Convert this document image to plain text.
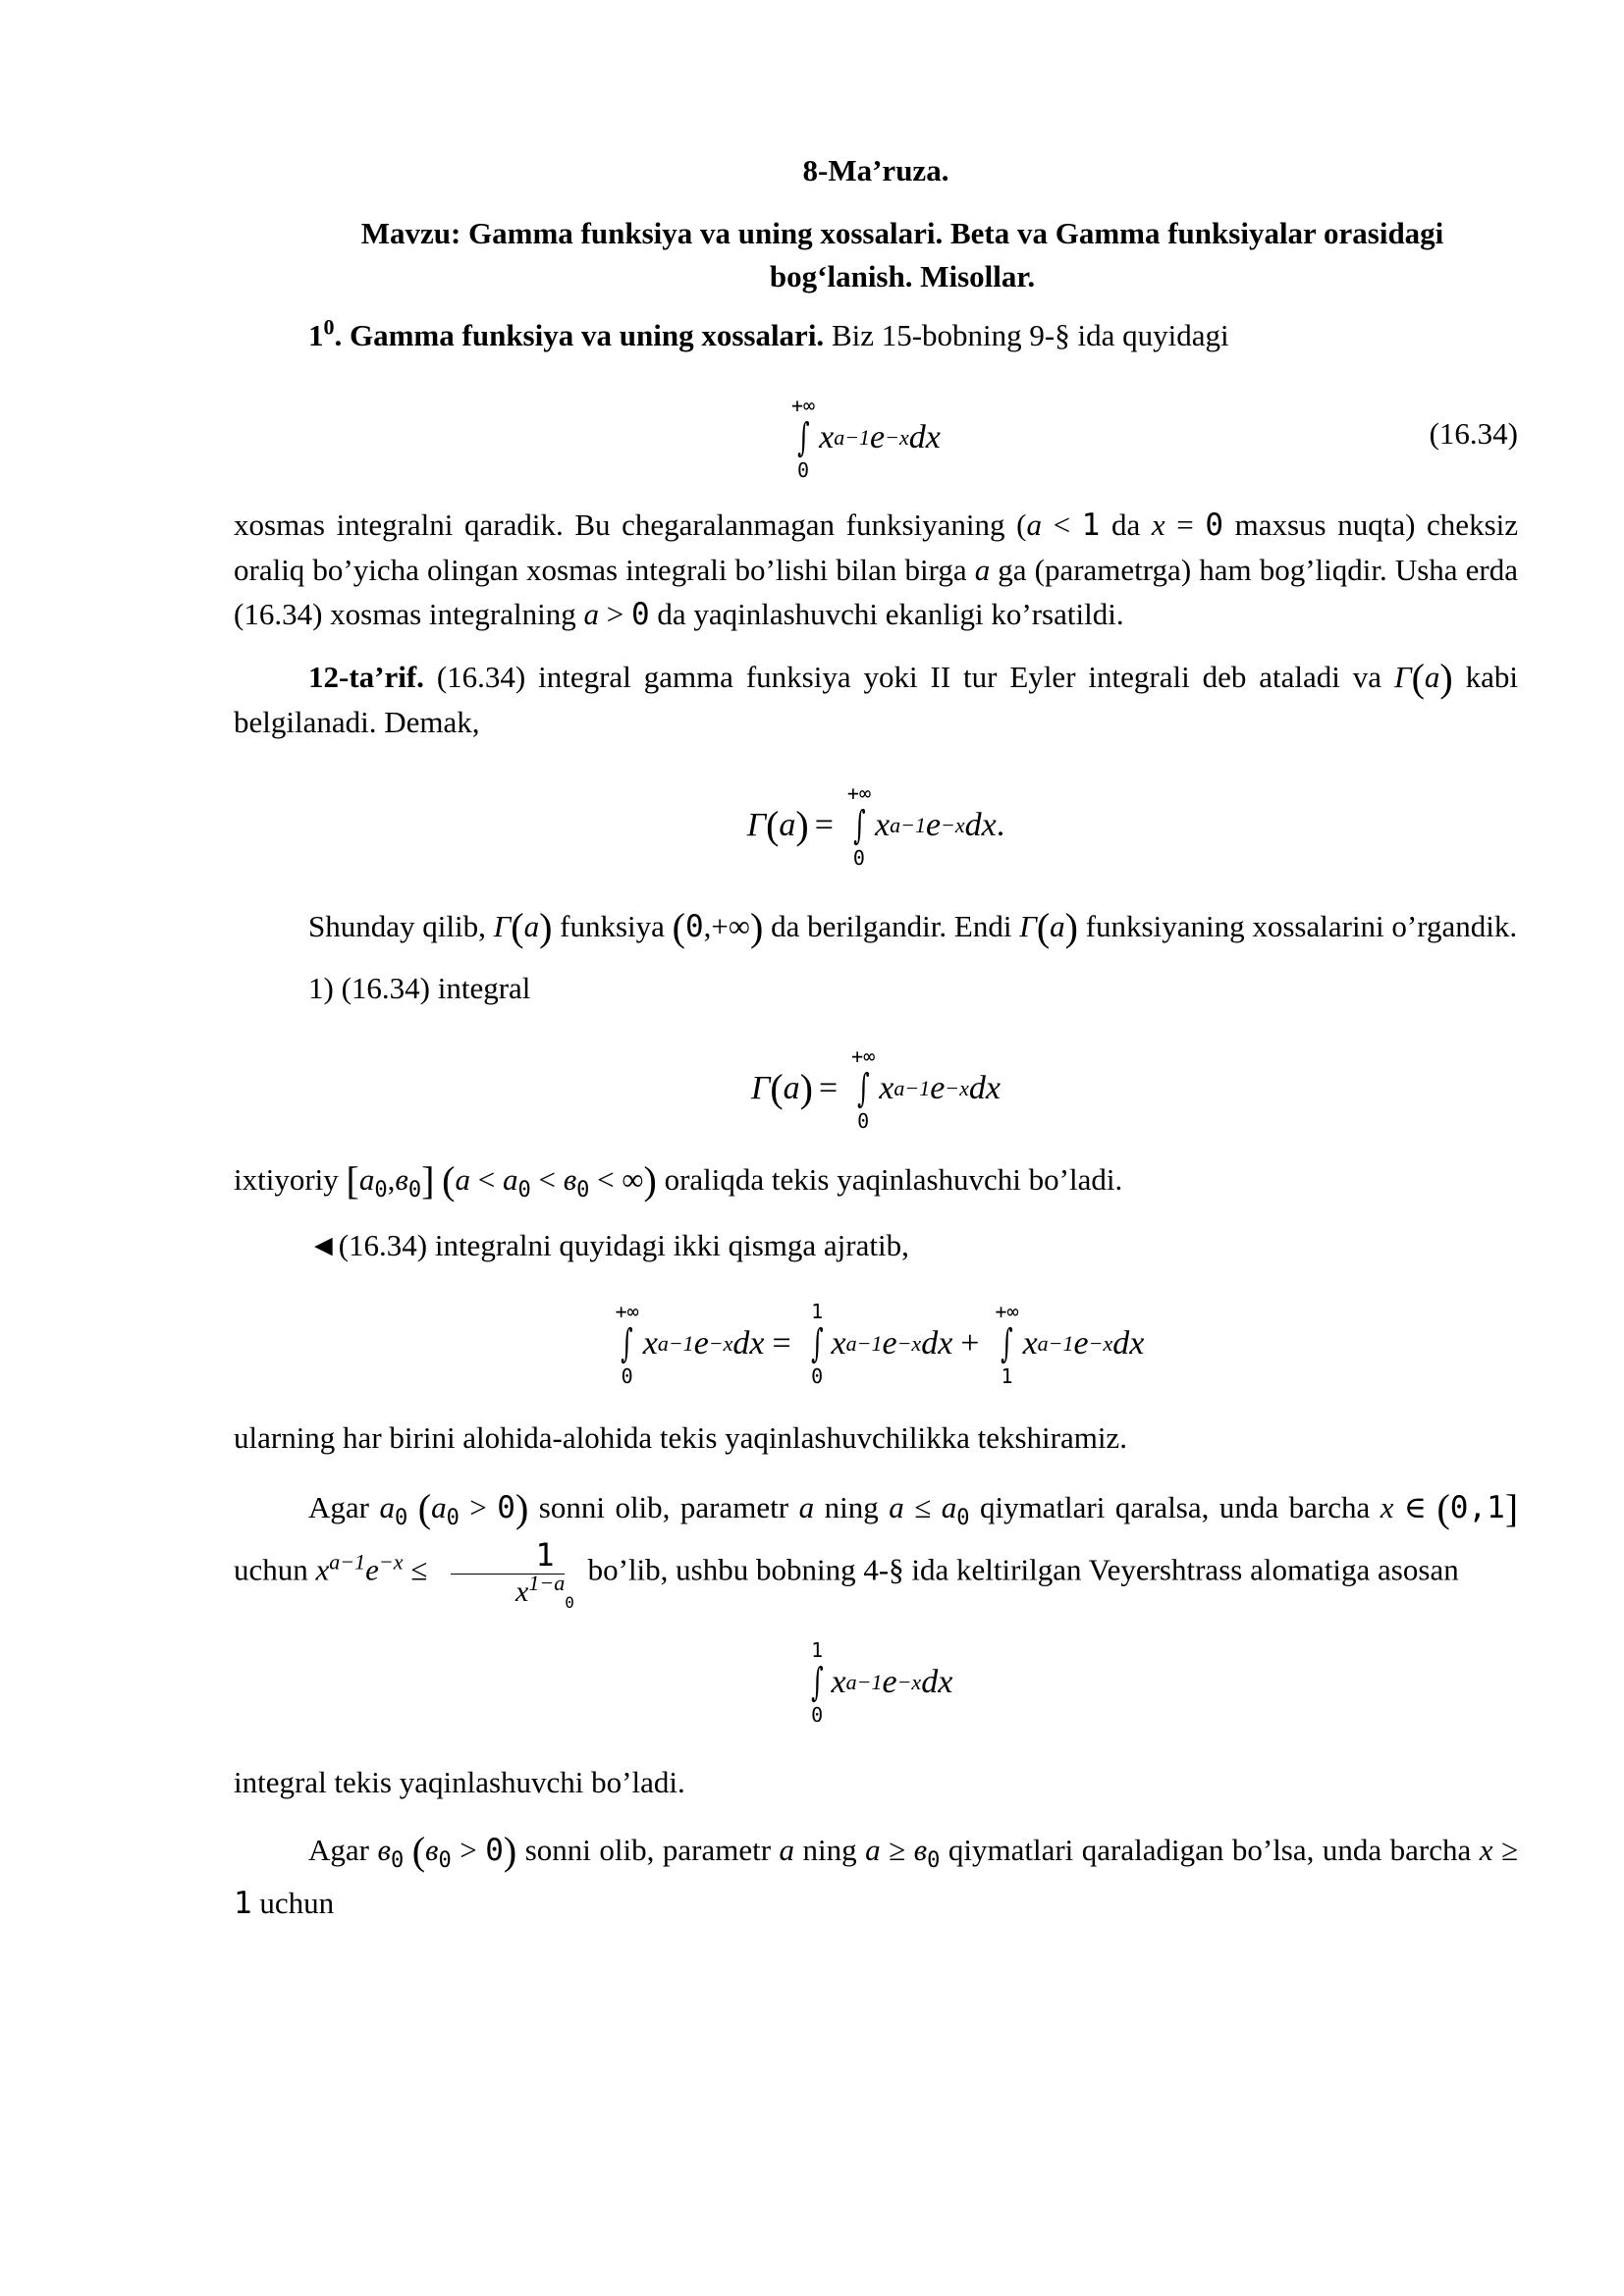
8-Ma’ruza.

Mavzu: Gamma funksiya va uning xossalari. Beta va Gamma funksiyalar orasidagi
bog‘lanish. Misollar.

$1^0$. Gamma funksiya va uning xossalari. Biz 15-bobning 9-§ ida quyidagi

+∞
∫
0
x a−1 e −x dx	(16.34)

xosmas integralni qaradik. Bu chegaralanmagan funksiyaning (a < 1 da x = 0 maxsus nuqta) cheksiz oraliq bo’yicha olingan xosmas integrali bo’lishi bilan birga a ga (parametrga) ham bog’liqdir. Usha erda (16.34) xosmas integralning a > 0 da yaqinlashuvchi ekanligi ko’rsatildi.

12-ta’rif. (16.34) integral gamma funksiya yoki II tur Eyler integrali deb ataladi va Γ(a) kabi belgilanadi. Demak,

Γ ( a ) =
+∞
∫
0
x a−1 e −x dx .

Shunday qilib, Γ(a) funksiya (0,+∞) da berilgandir. Endi Γ(a) funksiyaning xossalarini o’rgandik.

1) (16.34) integral

Γ ( a ) =
+∞
∫
0
x a−1 e −x dx

ixtiyoriy $[a_0,в_0] (a < a_0 < в_0$ < ∞) oraliqda tekis yaqinlashuvchi bo’ladi.

◄(16.34) integralni quyidagi ikki qismga ajratib,

+∞
∫
0
x a−1 e −x dx =
1
∫
0
x a−1 e −x dx +
+∞
∫
1
x a−1 e −x dx

ularning har birini alohida-alohida tekis yaqinlashuvchilikka tekshiramiz.

Agar $a_0$ $(a_0 > 0)$ sonni olib, parametr a ning $a \le a_0$ qiymatlari qaralsa, unda barcha x ∈ (0,1] uchun $x^{a-1}e^{-x} \le \frac{1}{x^{1-a}_0}$ bo’lib, ushbu bobning 4-§ ida keltirilgan Veyershtrass alomatiga asosan

1
∫
0
x a−1 e −x dx

integral tekis yaqinlashuvchi bo’ladi.

Agar $в_0$ $(в_0 > 0)$ sonni olib, parametr a ning $a \ge в_0$ qiymatlari qaraladigan bo’lsa, unda barcha x ≥ 1 uchun
